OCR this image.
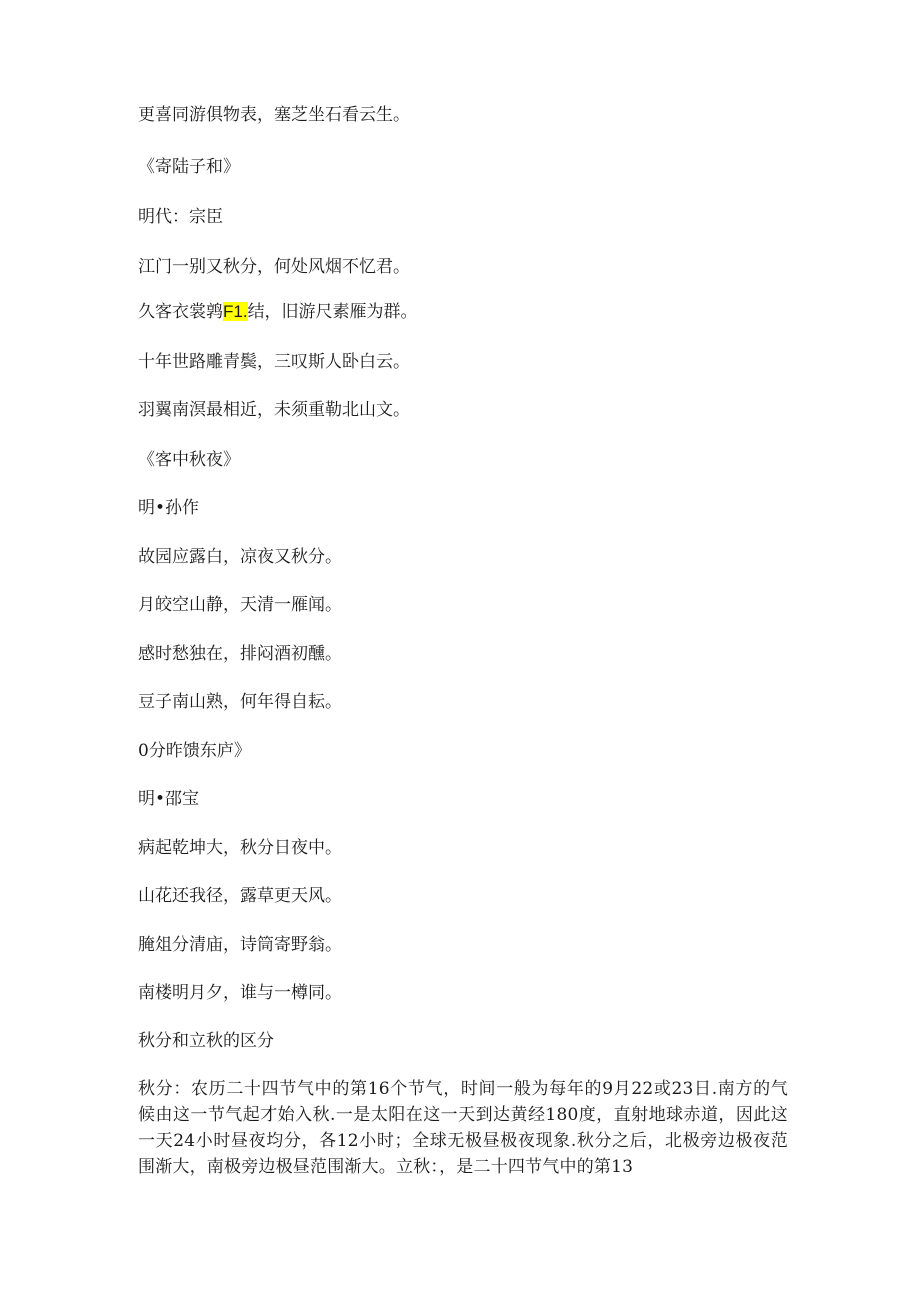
更喜同游俱物表，塞芝坐石看云生。

《寄陆子和》

明代：宗臣

江门一别又秋分，何处风烟不忆君。

久客衣裳鹑F1.结，旧游尺素雁为群。

十年世路雕青鬓，三叹斯人卧白云。

羽翼南溟最相近，未须重勒北山文。

《客中秋夜》

明•孙作

故园应露白，凉夜又秋分。

月皎空山静，天清一雁闻。

感时愁独在，排闷酒初醺。

豆子南山熟，何年得自耘。

0分昨馈东庐》

明•邵宝

病起乾坤大，秋分日夜中。

山花还我径，露草更天风。

腌俎分清庙，诗筒寄野翁。

南楼明月夕，谁与一樽同。

秋分和立秋的区分

秋分：农历二十四节气中的第16个节气，时间一般为每年的9月22或23日.南方的气候由这一节气起才始入秋.一是太阳在这一天到达黄经180度，直射地球赤道，因此这一天24小时昼夜均分，各12小时；全球无极昼极夜现象.秋分之后，北极旁边极夜范围渐大，南极旁边极昼范围渐大。立秋：，是二十四节气中的第13
